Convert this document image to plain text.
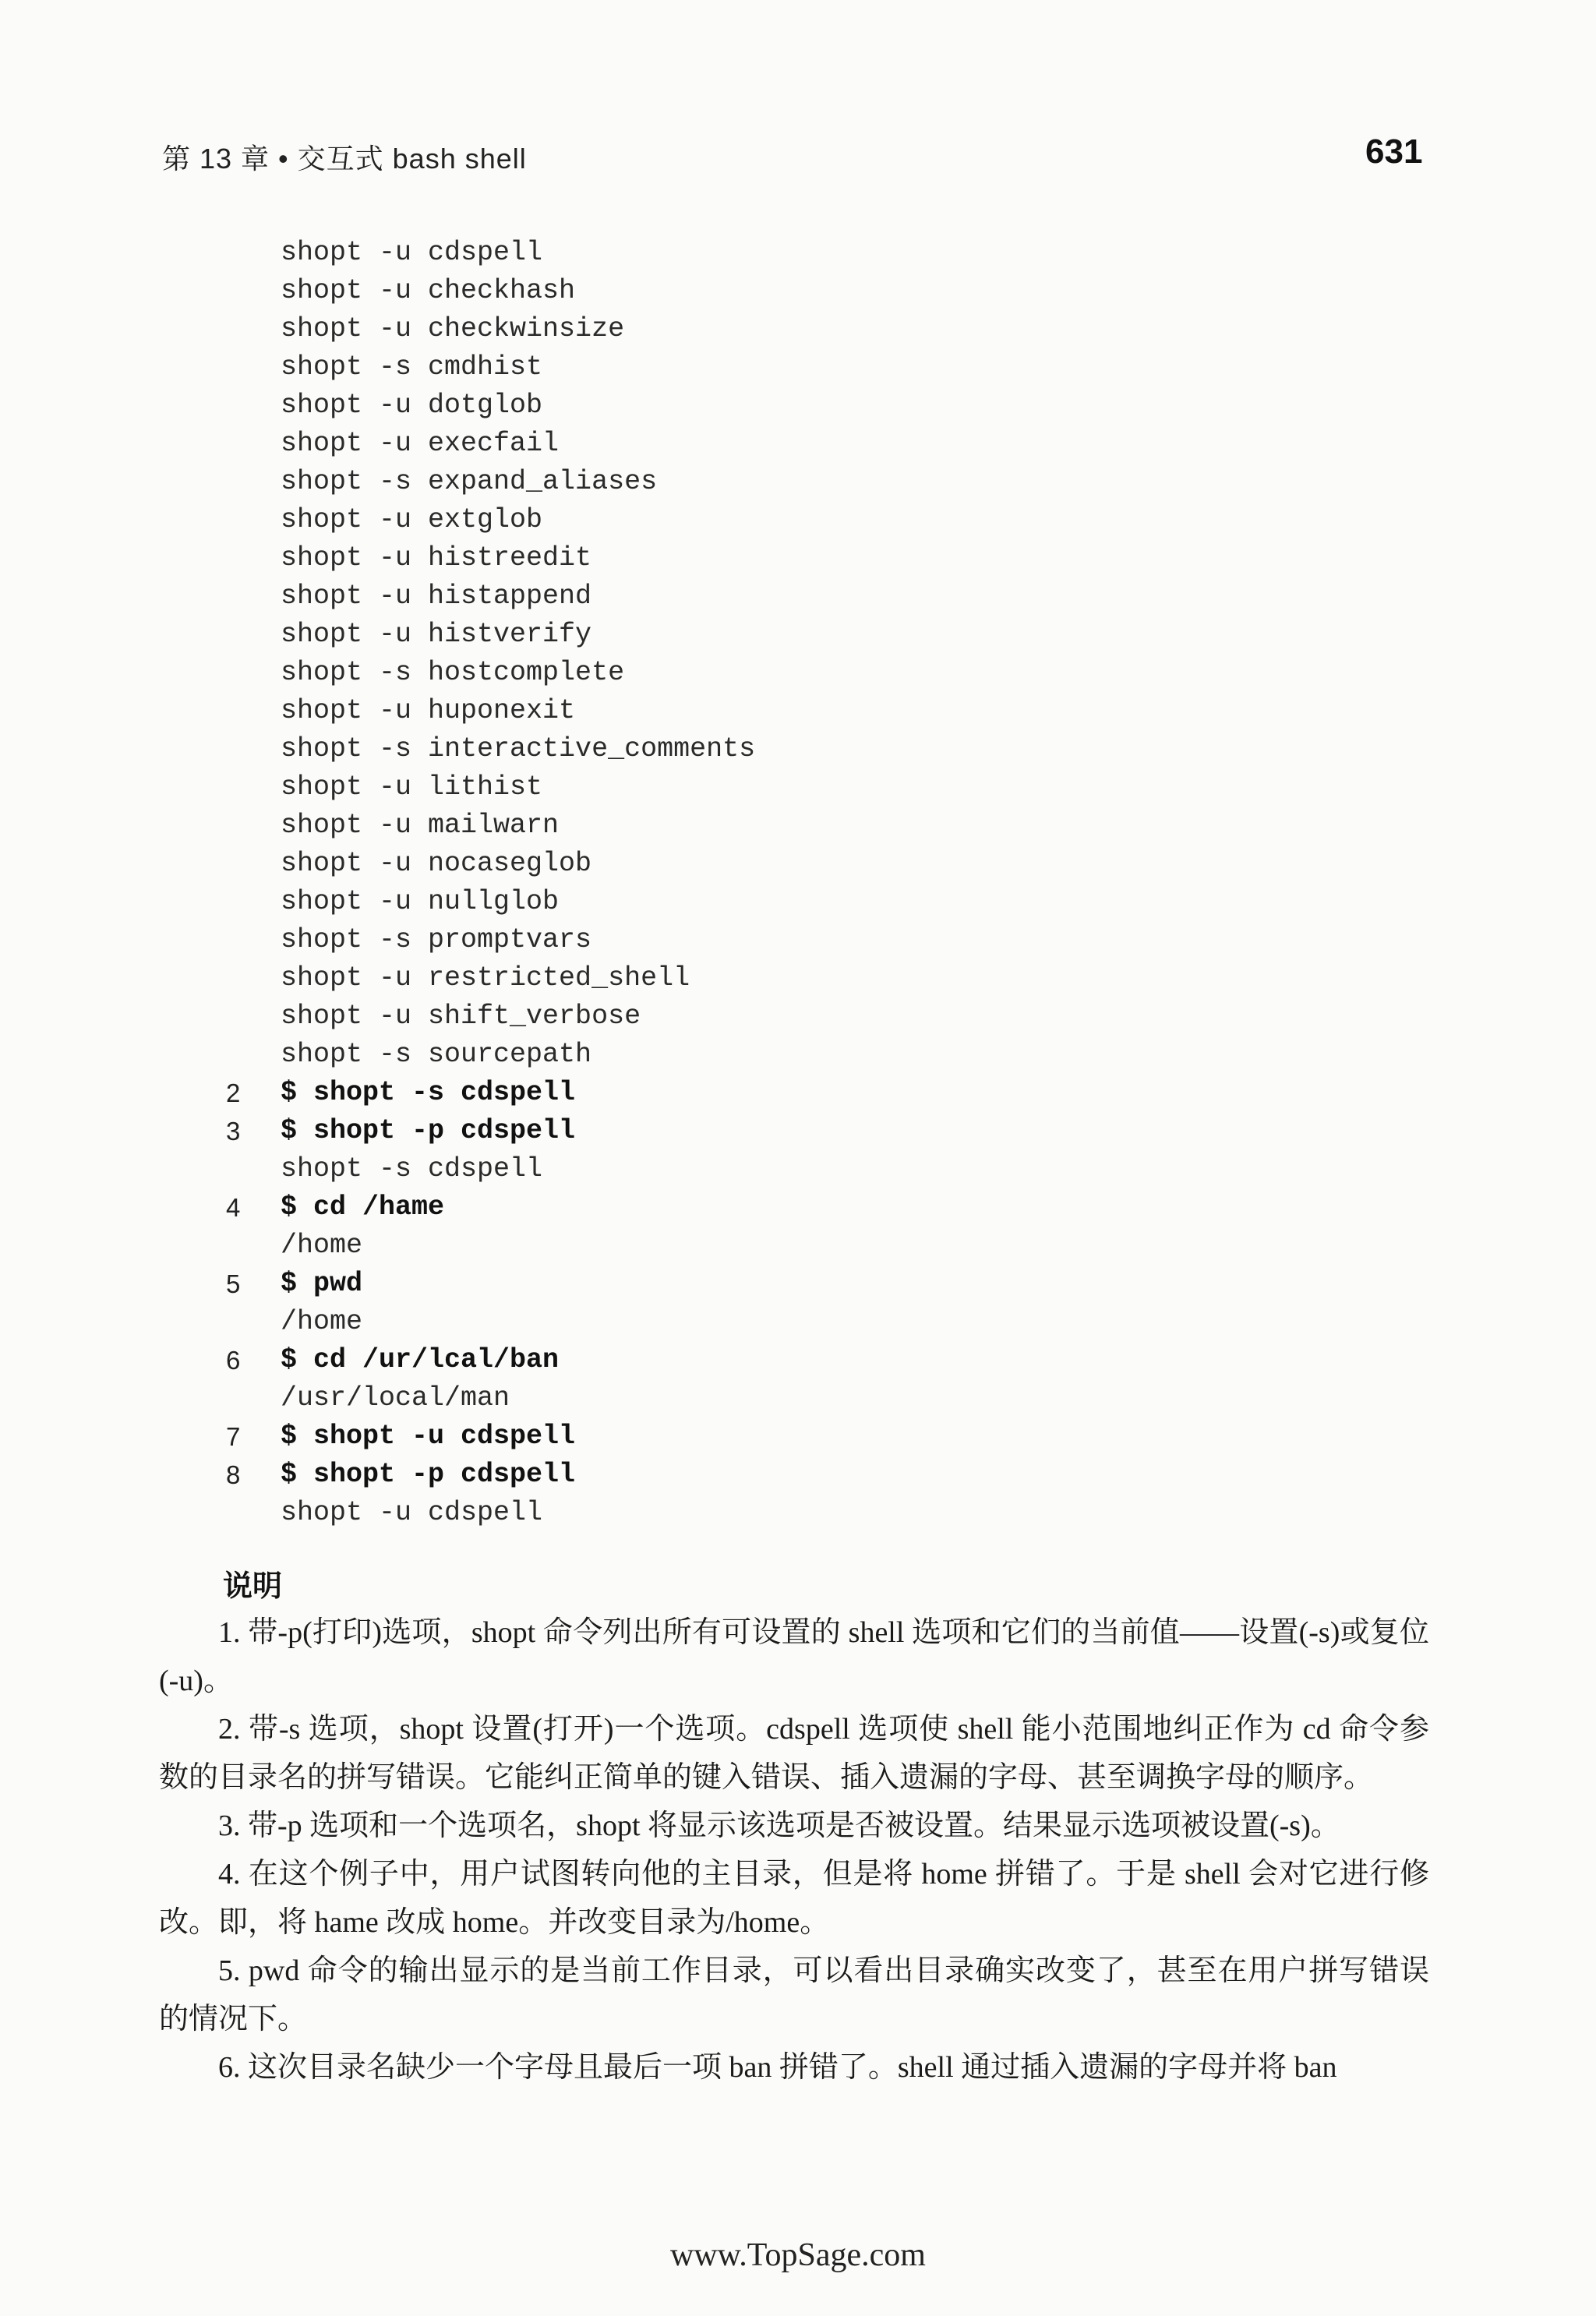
第 13 章 • 交互式 bash shell	631
shopt -u cdspell
shopt -u checkhash
shopt -u checkwinsize
shopt -s cmdhist
shopt -u dotglob
shopt -u execfail
shopt -s expand_aliases
shopt -u extglob
shopt -u histreedit
shopt -u histappend
shopt -u histverify
shopt -s hostcomplete
shopt -u huponexit
shopt -s interactive_comments
shopt -u lithist
shopt -u mailwarn
shopt -u nocaseglob
shopt -u nullglob
shopt -s promptvars
shopt -u restricted_shell
shopt -u shift_verbose
shopt -s sourcepath
2	$ shopt -s cdspell
3	$ shopt -p cdspell
shopt -s cdspell
4	$ cd /hame
/home
5	$ pwd
/home
6	$ cd /ur/lcal/ban
/usr/local/man
7	$ shopt -u cdspell
8	$ shopt -p cdspell
shopt -u cdspell
说明

1. 带-p(打印)选项，shopt 命令列出所有可设置的 shell 选项和它们的当前值——设置(-s)或复位(-u)。

2. 带-s 选项，shopt 设置(打开)一个选项。cdspell 选项使 shell 能小范围地纠正作为 cd 命令参数的目录名的拼写错误。它能纠正简单的键入错误、插入遗漏的字母、甚至调换字母的顺序。

3. 带-p 选项和一个选项名，shopt 将显示该选项是否被设置。结果显示选项被设置(-s)。

4. 在这个例子中，用户试图转向他的主目录，但是将 home 拼错了。于是 shell 会对它进行修改。即，将 hame 改成 home。并改变目录为/home。

5. pwd 命令的输出显示的是当前工作目录，可以看出目录确实改变了，甚至在用户拼写错误的情况下。

6. 这次目录名缺少一个字母且最后一项 ban 拼错了。shell 通过插入遗漏的字母并将 ban

www.TopSage.com
